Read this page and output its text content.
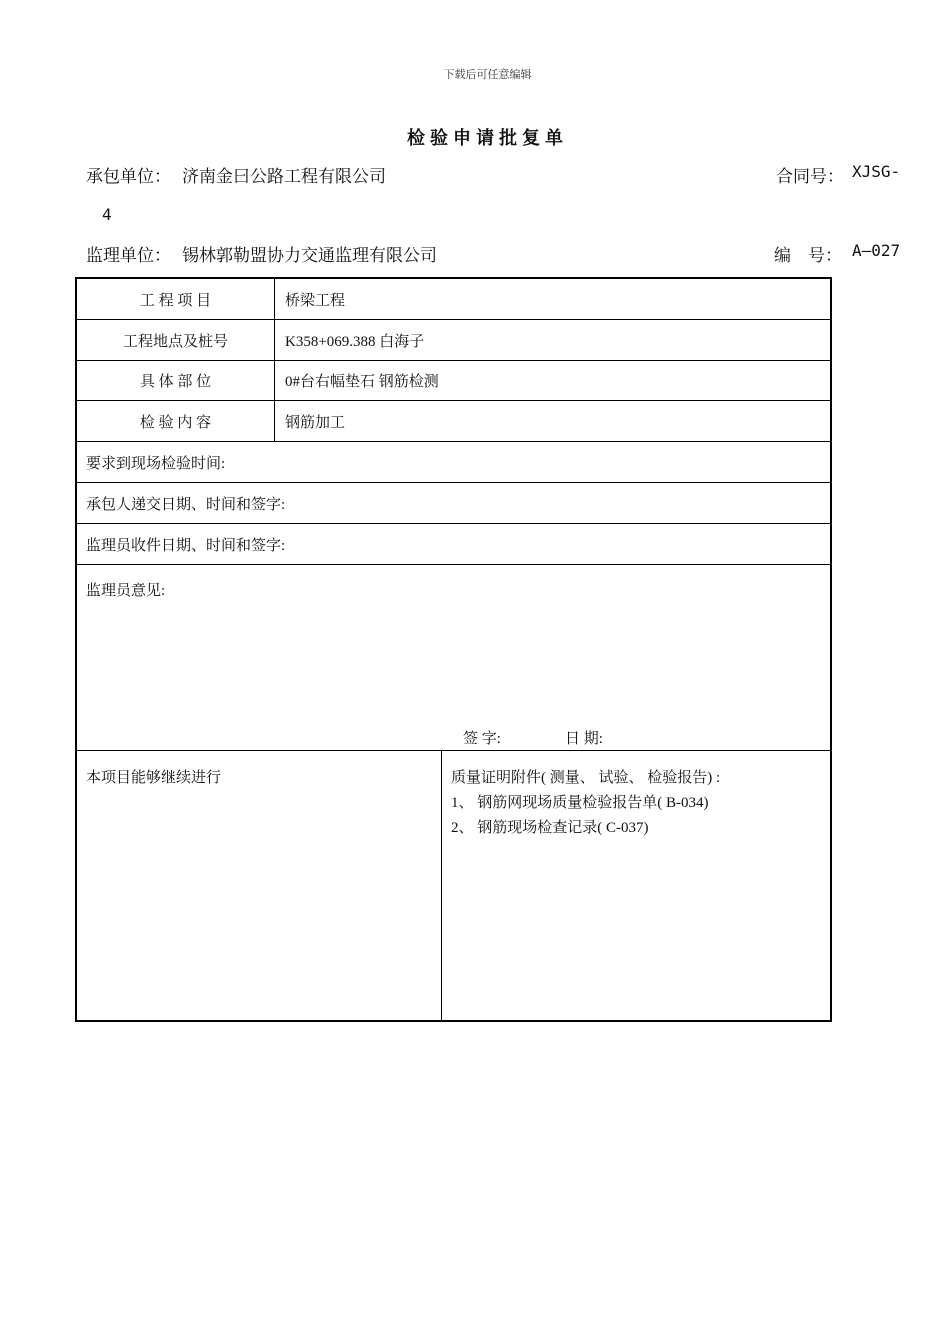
下载后可任意编辑
检验申请批复单
承包单位： 济南金曰公路工程有限公司	合同号： XJSG-
4
监理单位： 锡林郭勒盟协力交通监理有限公司	编　号： A—027
工 程 项 目	桥梁工程
工程地点及桩号	K358+069.388 白海子
具 体 部 位	0#台右幅垫石 钢筋检测
检 验 内 容	钢筋加工
要求到现场检验时间:
承包人递交日期、时间和签字:
监理员收件日期、时间和签字:
监理员意见:
签 字:	日 期:
本项目能够继续进行	质量证明附件( 测量、 试验、 检验报告) :
1、 钢筋网现场质量检验报告单( B-034)
2、 钢筋现场检查记录( C-037)
